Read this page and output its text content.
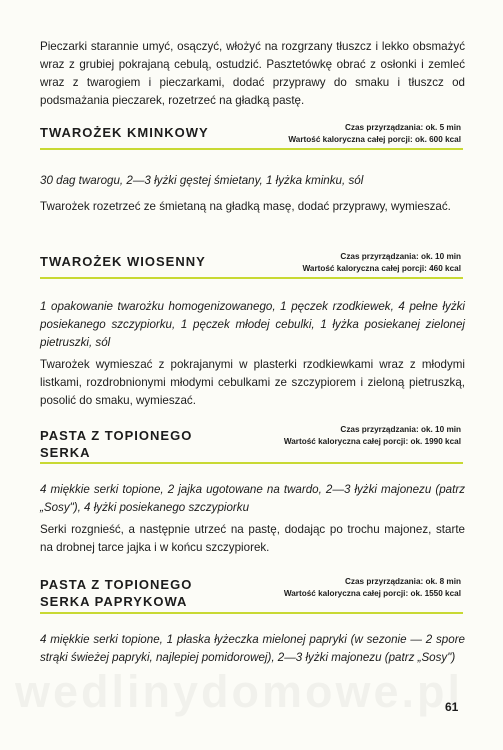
Pieczarki starannie umyć, osączyć, włożyć na rozgrzany tłuszcz i lekko obsmażyć wraz z grubiej pokrajaną cebulą, ostudzić. Pasztetówkę obrać z osłonki i zemleć wraz z twarogiem i pieczarkami, dodać przyprawy do smaku i tłuszcz od podsmażania pieczarek, rozetrzeć na gładką pastę.

TWAROŻEK KMINKOWY	Czas przyrządzania: ok. 5 min
Wartość kaloryczna całej porcji: ok. 600 kcal

30 dag twarogu, 2—3 łyżki gęstej śmietany, 1 łyżka kminku, sól

Twarożek rozetrzeć ze śmietaną na gładką masę, dodać przyprawy, wymieszać.

TWAROŻEK WIOSENNY	Czas przyrządzania: ok. 10 min
Wartość kaloryczna całej porcji: 460 kcal

1 opakowanie twarożku homogenizowanego, 1 pęczek rzodkiewek, 4 pełne łyżki posiekanego szczypiorku, 1 pęczek młodej cebulki, 1 łyżka posiekanej zielonej pietruszki, sól

Twarożek wymieszać z pokrajanymi w plasterki rzodkiewkami wraz z młodymi listkami, rozdrobnionymi młodymi cebulkami ze szczypiorem i zieloną pietruszką, posolić do smaku, wymieszać.

PASTA Z TOPIONEGO
SERKA
Czas przyrządzania: ok. 10 min
Wartość kaloryczna całej porcji: ok. 1990 kcal

4 miękkie serki topione, 2 jajka ugotowane na twardo, 2—3 łyżki majonezu (patrz „Sosy"), 4 łyżki posiekanego szczypiorku

Serki rozgnieść, a następnie utrzeć na pastę, dodając po trochu majonez, starte na drobnej tarce jajka i w końcu szczypiorek.

PASTA Z TOPIONEGO
SERKA PAPRYKOWA
Czas przyrządzania: ok. 8 min
Wartość kaloryczna całej porcji: ok. 1550 kcal

4 miękkie serki topione, 1 płaska łyżeczka mielonej papryki (w sezonie — 2 spore strąki świeżej papryki, najlepiej pomidorowej), 2—3 łyżki majonezu (patrz „Sosy")

61
